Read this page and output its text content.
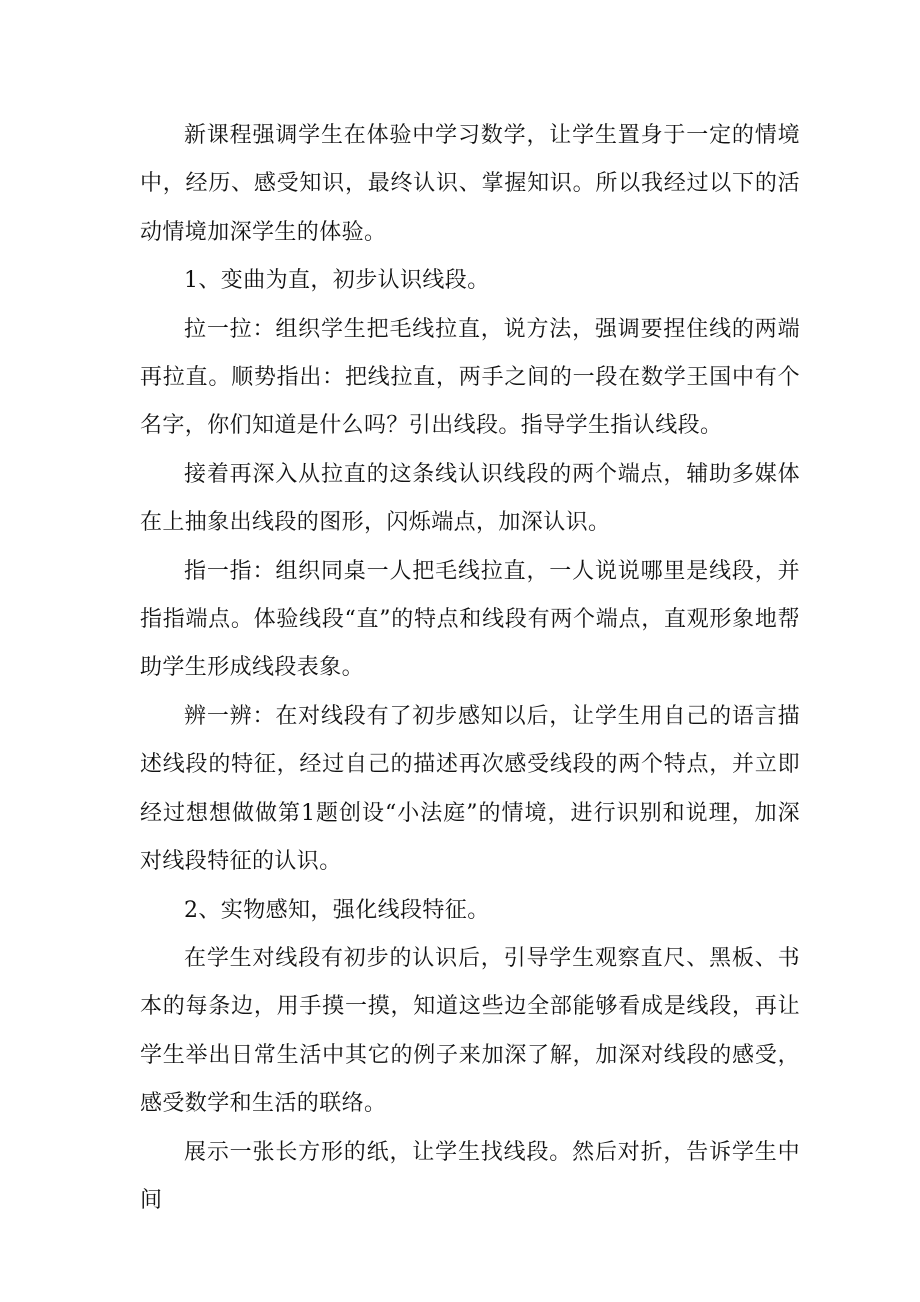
新课程强调学生在体验中学习数学，让学生置身于一定的情境中，经历、感受知识，最终认识、掌握知识。所以我经过以下的活动情境加深学生的体验。

1、变曲为直，初步认识线段。

拉一拉：组织学生把毛线拉直，说方法，强调要捏住线的两端再拉直。顺势指出：把线拉直，两手之间的一段在数学王国中有个名字，你们知道是什么吗？引出线段。指导学生指认线段。

接着再深入从拉直的这条线认识线段的两个端点，辅助多媒体在上抽象出线段的图形，闪烁端点，加深认识。

指一指：组织同桌一人把毛线拉直，一人说说哪里是线段，并指指端点。体验线段“直”的特点和线段有两个端点，直观形象地帮助学生形成线段表象。

辨一辨：在对线段有了初步感知以后，让学生用自己的语言描述线段的特征，经过自己的描述再次感受线段的两个特点，并立即经过想想做做第1题创设“小法庭”的情境，进行识别和说理，加深对线段特征的认识。

2、实物感知，强化线段特征。

在学生对线段有初步的认识后，引导学生观察直尺、黑板、书本的每条边，用手摸一摸，知道这些边全部能够看成是线段，再让学生举出日常生活中其它的例子来加深了解，加深对线段的感受，感受数学和生活的联络。

展示一张长方形的纸，让学生找线段。然后对折，告诉学生中间
